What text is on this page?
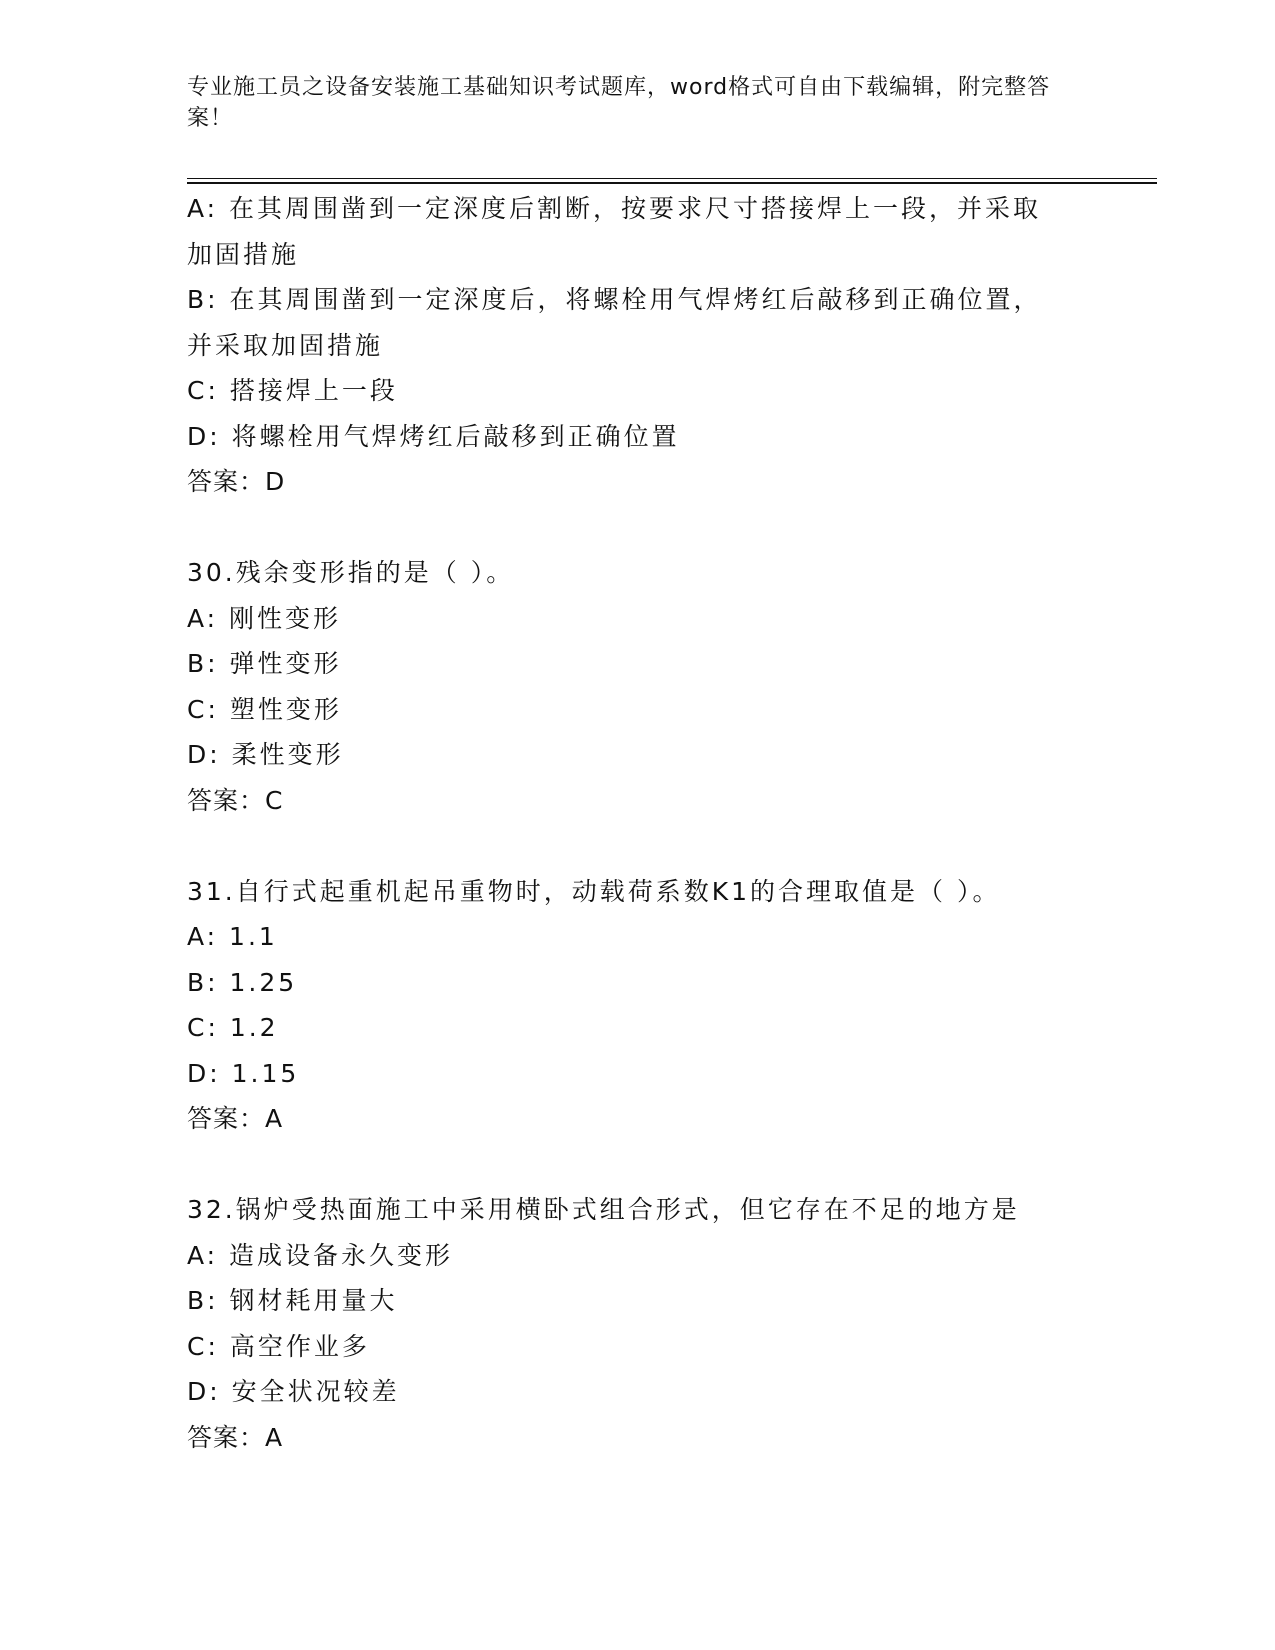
专业施工员之设备安装施工基础知识考试题库，word格式可自由下载编辑，附完整答案！
A: 在其周围凿到一定深度后割断，按要求尺寸搭接焊上一段，并采取加固措施
B: 在其周围凿到一定深度后，将螺栓用气焊烤红后敲移到正确位置，并采取加固措施
C: 搭接焊上一段
D: 将螺栓用气焊烤红后敲移到正确位置
答案：D
30.残余变形指的是（ ）。
A: 刚性变形
B: 弹性变形
C: 塑性变形
D: 柔性变形
答案：C
31.自行式起重机起吊重物时，动载荷系数K1的合理取值是（ ）。
A: 1.1
B: 1.25
C: 1.2
D: 1.15
答案：A
32.锅炉受热面施工中采用横卧式组合形式，但它存在不足的地方是
A: 造成设备永久变形
B: 钢材耗用量大
C: 高空作业多
D: 安全状况较差
答案：A
